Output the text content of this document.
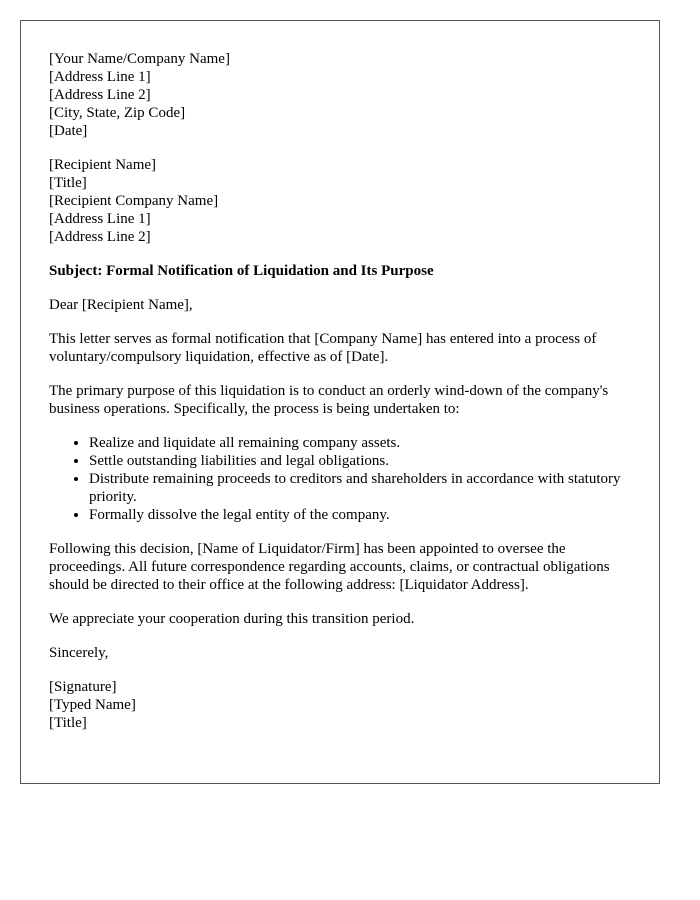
[Your Name/Company Name]
[Address Line 1]
[Address Line 2]
[City, State, Zip Code]
[Date]
[Recipient Name]
[Title]
[Recipient Company Name]
[Address Line 1]
[Address Line 2]

Subject: Formal Notification of Liquidation and Its Purpose

Dear [Recipient Name],

This letter serves as formal notification that [Company Name] has entered into a process of voluntary/compulsory liquidation, effective as of [Date].

The primary purpose of this liquidation is to conduct an orderly wind-down of the company's business operations. Specifically, the process is being undertaken to:

• Realize and liquidate all remaining company assets.
• Settle outstanding liabilities and legal obligations.
• Distribute remaining proceeds to creditors and shareholders in accordance with statutory priority.
• Formally dissolve the legal entity of the company.

Following this decision, [Name of Liquidator/Firm] has been appointed to oversee the proceedings. All future correspondence regarding accounts, claims, or contractual obligations should be directed to their office at the following address: [Liquidator Address].

We appreciate your cooperation during this transition period.

Sincerely,

[Signature]
[Typed Name]
[Title]
